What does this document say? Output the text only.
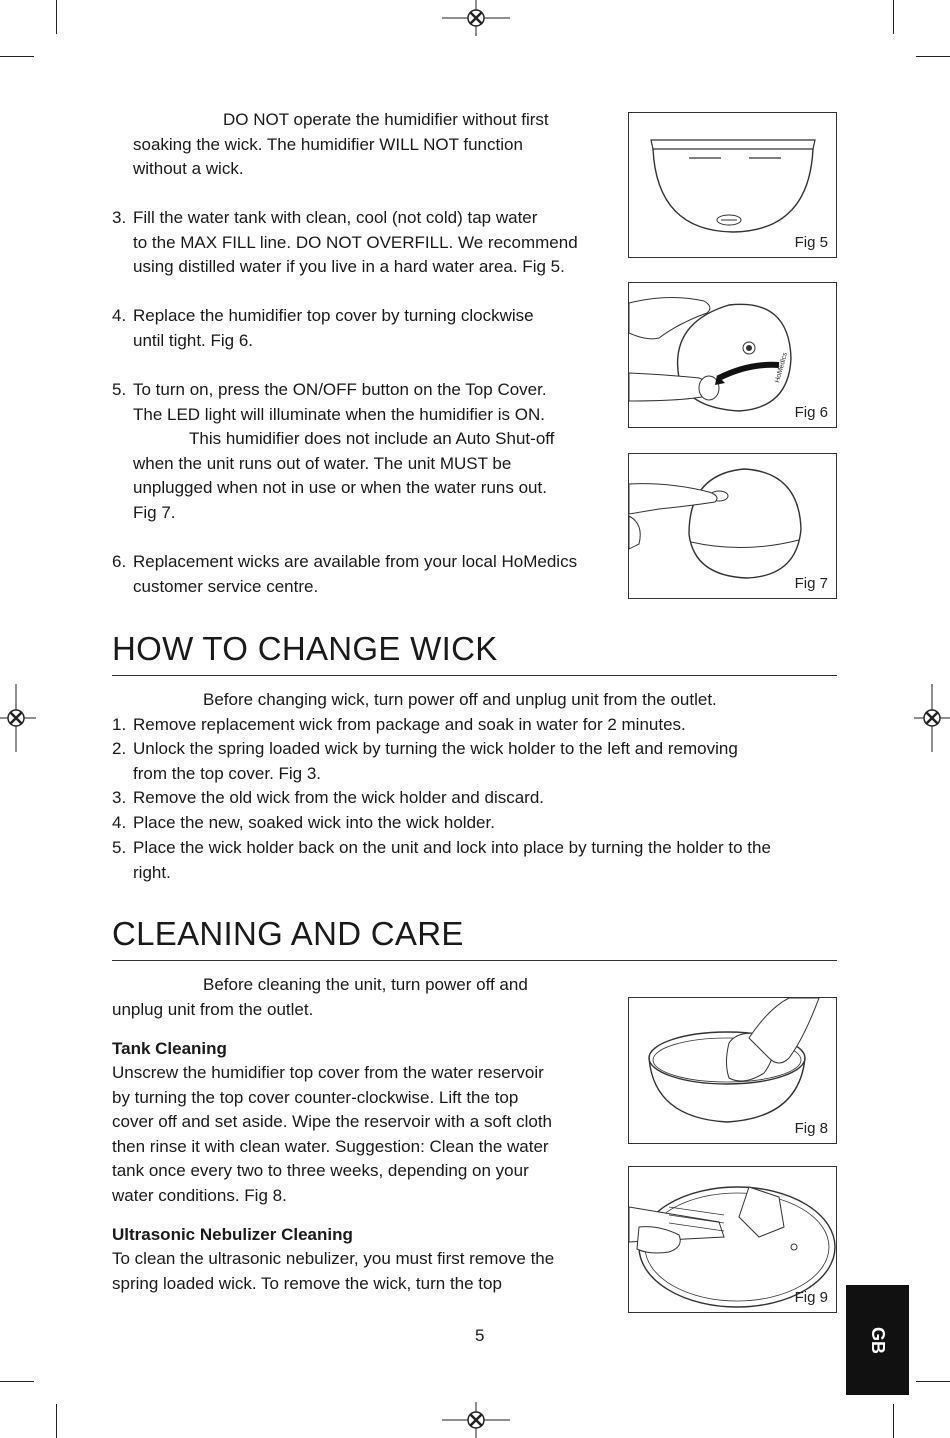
DO NOT operate the humidifier without first
soaking the wick. The humidifier WILL NOT function
without a wick.
3. Fill the water tank with clean, cool (not cold) tap water
to the MAX FILL line. DO NOT OVERFILL. We recommend
using distilled water if you live in a hard water area. Fig 5.
4. Replace the humidifier top cover by turning clockwise
until tight. Fig 6.
5. To turn on, press the ON/OFF button on the Top Cover.
The LED light will illuminate when the humidifier is ON.
This humidifier does not include an Auto Shut-off
when the unit runs out of water. The unit MUST be
unplugged when not in use or when the water runs out.
Fig 7.
6. Replacement wicks are available from your local HoMedics
customer service centre.
Fig 5
HoMedics
Fig 6
Fig 7
HOW TO CHANGE WICK
Before changing wick, turn power off and unplug unit from the outlet.
1. Remove replacement wick from package and soak in water for 2 minutes.
2. Unlock the spring loaded wick by turning the wick holder to the left and removing
from the top cover. Fig 3.
3. Remove the old wick from the wick holder and discard.
4. Place the new, soaked wick into the wick holder.
5. Place the wick holder back on the unit and lock into place by turning the holder to the
right.
CLEANING AND CARE
Before cleaning the unit, turn power off and
unplug unit from the outlet.
Tank Cleaning
Unscrew the humidifier top cover from the water reservoir
by turning the top cover counter-clockwise. Lift the top
cover off and set aside. Wipe the reservoir with a soft cloth
then rinse it with clean water. Suggestion: Clean the water
tank once every two to three weeks, depending on your
water conditions. Fig 8.
Ultrasonic Nebulizer Cleaning
To clean the ultrasonic nebulizer, you must first remove the
spring loaded wick. To remove the wick, turn the top
Fig 8
Fig 9
5	GB
